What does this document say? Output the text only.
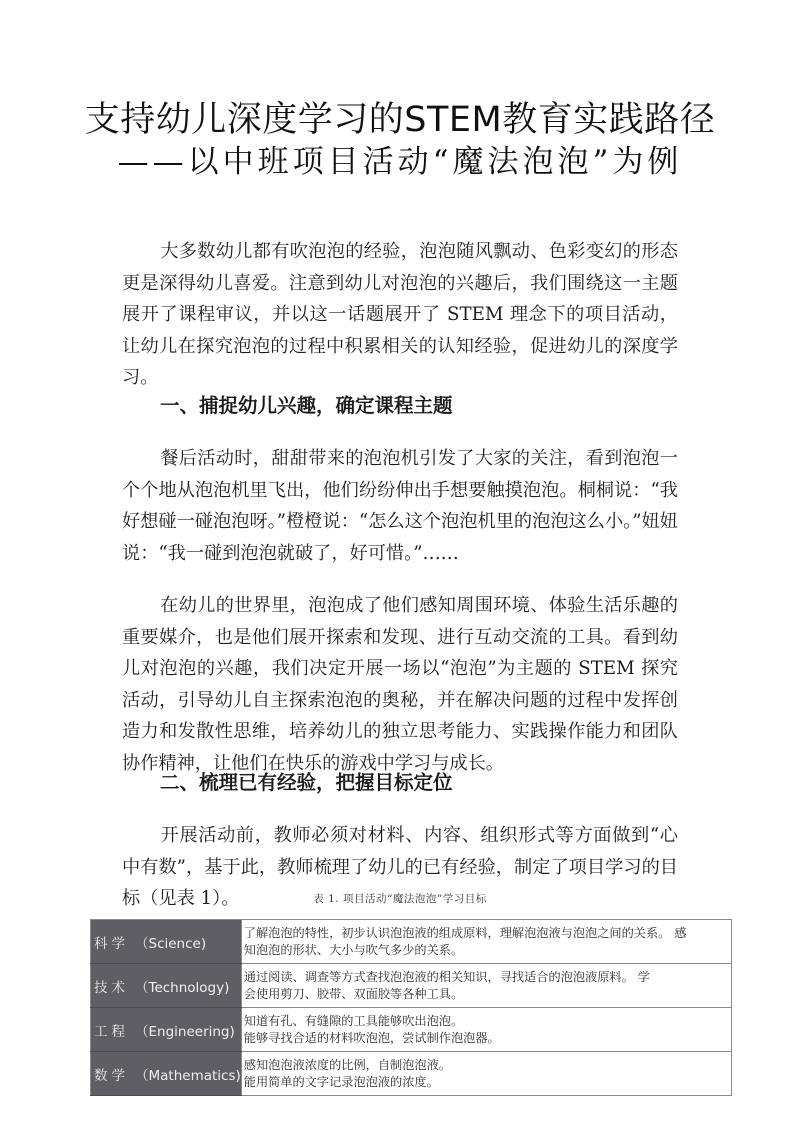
支持幼儿深度学习的STEM教育实践路径
——以中班项目活动“魔法泡泡”为例

大多数幼儿都有吹泡泡的经验，泡泡随风飘动、色彩变幻的形态更是深得幼儿喜爱。注意到幼儿对泡泡的兴趣后，我们围绕这一主题展开了课程审议，并以这一话题展开了 STEM 理念下的项目活动，让幼儿在探究泡泡的过程中积累相关的认知经验，促进幼儿的深度学习。

一、捕捉幼儿兴趣，确定课程主题

餐后活动时，甜甜带来的泡泡机引发了大家的关注，看到泡泡一个个地从泡泡机里飞出，他们纷纷伸出手想要触摸泡泡。桐桐说：“我好想碰一碰泡泡呀。”橙橙说：“怎么这个泡泡机里的泡泡这么小。”妞妞说：“我一碰到泡泡就破了，好可惜。”……

在幼儿的世界里，泡泡成了他们感知周围环境、体验生活乐趣的重要媒介，也是他们展开探索和发现、进行互动交流的工具。看到幼儿对泡泡的兴趣，我们决定开展一场以“泡泡”为主题的 STEM 探究活动，引导幼儿自主探索泡泡的奥秘，并在解决问题的过程中发挥创造力和发散性思维，培养幼儿的独立思考能力、实践操作能力和团队协作精神，让他们在快乐的游戏中学习与成长。

二、梳理已有经验，把握目标定位

开展活动前，教师必须对材料、内容、组织形式等方面做到“心中有数”，基于此，教师梳理了幼儿的已有经验，制定了项目学习的目标（见表 1）。	表 1. 项目活动“魔法泡泡”学习目标
科学 （Science)	了解泡泡的特性，初步认识泡泡液的组成原料，理解泡泡液与泡泡之间的关系。 感
知泡泡的形状、大小与吹气多少的关系。

技术 （Technology)	通过阅读、调查等方式查找泡泡液的相关知识，寻找适合的泡泡液原料。 学
会使用剪刀、胶带、双面胶等各种工具。

工程 （Engineering)	知道有孔、有缝隙的工具能够吹出泡泡。
能够寻找合适的材料吹泡泡，尝试制作泡泡器。

数学 （Mathematics)	感知泡泡液浓度的比例，自制泡泡液。
能用简单的文字记录泡泡液的浓度。
